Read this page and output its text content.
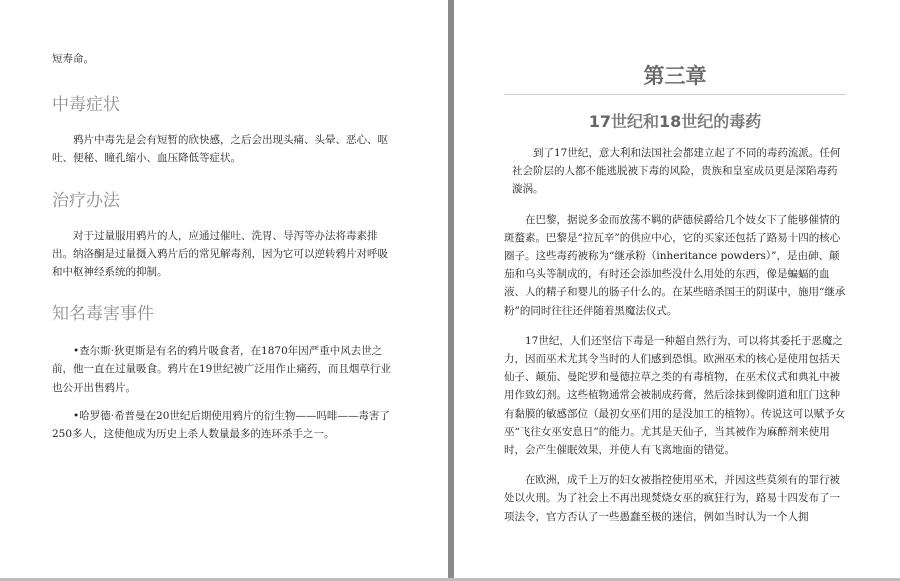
短寿命。

中毒症状

鸦片中毒先是会有短暂的欣快感，之后会出现头痛、头晕、恶心、呕吐、便秘、瞳孔缩小、血压降低等症状。

治疗办法

对于过量服用鸦片的人，应通过催吐、洗胃、导泻等办法将毒素排出。纳洛酮是过量摄入鸦片后的常见解毒剂，因为它可以逆转鸦片对呼吸和中枢神经系统的抑制。

知名毒害事件

•查尔斯·狄更斯是有名的鸦片吸食者，在1870年因严重中风去世之前，他一直在过量吸食。鸦片在19世纪被广泛用作止痛药，而且烟草行业也公开出售鸦片。

•哈罗德·希普曼在20世纪后期使用鸦片的衍生物——吗啡——毒害了250多人，这使他成为历史上杀人数量最多的连环杀手之一。

第三章
17世纪和18世纪的毒药

到了17世纪，意大利和法国社会都建立起了不同的毒药流派。任何社会阶层的人都不能逃脱被下毒的风险，贵族和皇室成员更是深陷毒药漩涡。

在巴黎，据说多金而放荡不羁的萨德侯爵给几个妓女下了能够催情的斑蝥素。巴黎是“拉瓦辛”的供应中心，它的买家还包括了路易十四的核心圈子。这些毒药被称为“继承粉（inheritance powders）”，是由砷、颠茄和乌头等制成的，有时还会添加些没什么用处的东西，像是蝙蝠的血液、人的精子和婴儿的肠子什么的。在某些暗杀国王的阴谋中，施用“继承粉”的同时往往还伴随着黑魔法仪式。

17世纪，人们还坚信下毒是一种超自然行为，可以将其委托于恶魔之力，因而巫术尤其令当时的人们感到恐惧。欧洲巫术的核心是使用包括天仙子、颠茄、曼陀罗和曼德拉草之类的有毒植物，在巫术仪式和典礼中被用作致幻剂。这些植物通常会被制成药膏，然后涂抹到像阴道和肛门这种有黏膜的敏感部位（最初女巫们用的是没加工的植物）。传说这可以赋予女巫“飞往女巫安息日”的能力。尤其是天仙子，当其被作为麻醉剂来使用时，会产生催眠效果，并使人有飞离地面的错觉。

在欧洲，成千上万的妇女被指控使用巫术，并因这些莫须有的罪行被处以火刑。为了社会上不再出现焚烧女巫的疯狂行为，路易十四发布了一项法令，官方否认了一些愚蠢至极的迷信，例如当时认为一个人拥
